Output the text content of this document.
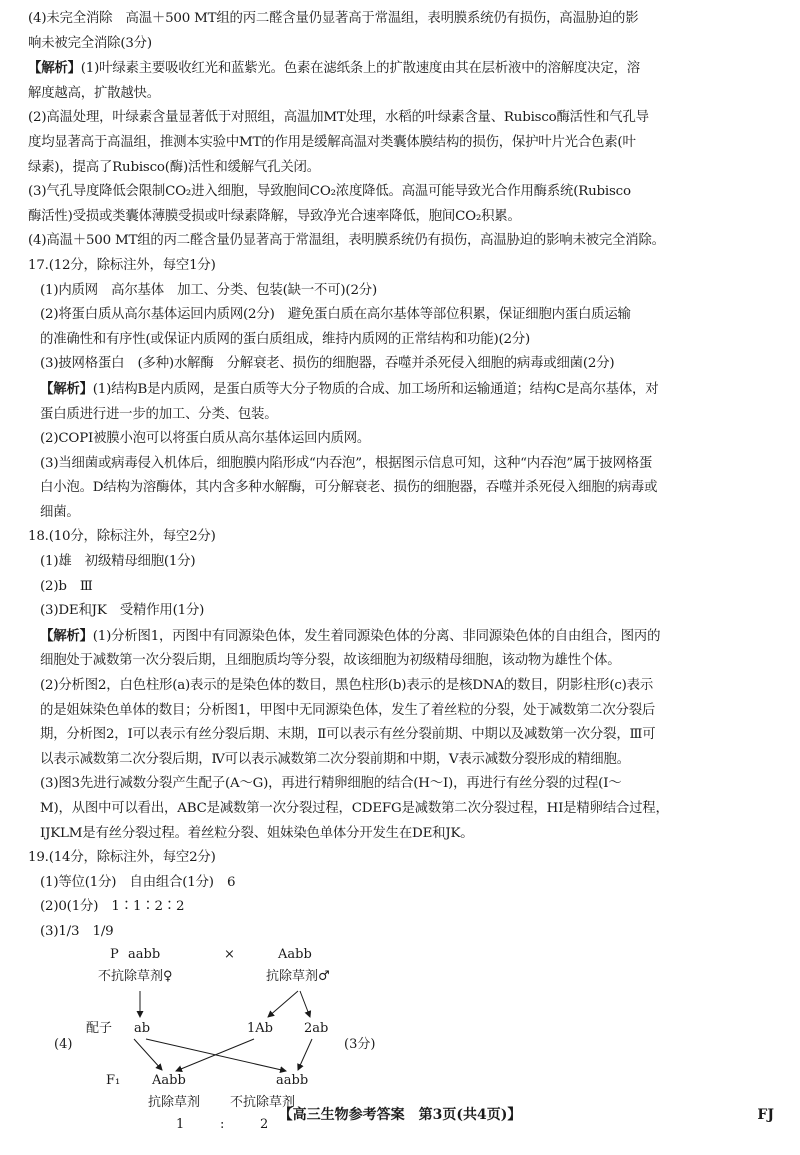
(4)未完全消除　高温＋500 MT组的丙二醛含量仍显著高于常温组，表明膜系统仍有损伤，高温胁迫的影

响未被完全消除(3分)

【解析】(1)叶绿素主要吸收红光和蓝紫光。色素在滤纸条上的扩散速度由其在层析液中的溶解度决定，溶

解度越高，扩散越快。

(2)高温处理，叶绿素含量显著低于对照组，高温加MT处理，水稻的叶绿素含量、Rubisco酶活性和气孔导

度均显著高于高温组，推测本实验中MT的作用是缓解高温对类囊体膜结构的损伤，保护叶片光合色素(叶

绿素)，提高了Rubisco(酶)活性和缓解气孔关闭。

(3)气孔导度降低会限制CO₂进入细胞，导致胞间CO₂浓度降低。高温可能导致光合作用酶系统(Rubisco

酶活性)受损或类囊体薄膜受损或叶绿素降解，导致净光合速率降低，胞间CO₂积累。

(4)高温＋500 MT组的丙二醛含量仍显著高于常温组，表明膜系统仍有损伤，高温胁迫的影响未被完全消除。

17.(12分，除标注外，每空1分)

(1)内质网　高尔基体　加工、分类、包装(缺一不可)(2分)

(2)将蛋白质从高尔基体运回内质网(2分)　避免蛋白质在高尔基体等部位积累，保证细胞内蛋白质运输

的准确性和有序性(或保证内质网的蛋白质组成，维持内质网的正常结构和功能)(2分)

(3)披网格蛋白　(多种)水解酶　分解衰老、损伤的细胞器，吞噬并杀死侵入细胞的病毒或细菌(2分)

【解析】(1)结构B是内质网，是蛋白质等大分子物质的合成、加工场所和运输通道；结构C是高尔基体，对

蛋白质进行进一步的加工、分类、包装。

(2)COPⅠ被膜小泡可以将蛋白质从高尔基体运回内质网。

(3)当细菌或病毒侵入机体后，细胞膜内陷形成“内吞泡”，根据图示信息可知，这种“内吞泡”属于披网格蛋

白小泡。D结构为溶酶体，其内含多种水解酶，可分解衰老、损伤的细胞器，吞噬并杀死侵入细胞的病毒或

细菌。

18.(10分，除标注外，每空2分)

(1)雄　初级精母细胞(1分)

(2)b　Ⅲ

(3)DE和JK　受精作用(1分)

【解析】(1)分析图1，丙图中有同源染色体，发生着同源染色体的分离、非同源染色体的自由组合，图丙的

细胞处于减数第一次分裂后期，且细胞质均等分裂，故该细胞为初级精母细胞，该动物为雄性个体。

(2)分析图2，白色柱形(a)表示的是染色体的数目，黑色柱形(b)表示的是核DNA的数目，阴影柱形(c)表示

的是姐妹染色单体的数目；分析图1，甲图中无同源染色体，发生了着丝粒的分裂，处于减数第二次分裂后

期，分析图2，Ⅰ可以表示有丝分裂后期、末期，Ⅱ可以表示有丝分裂前期、中期以及减数第一次分裂，Ⅲ可

以表示减数第二次分裂后期，Ⅳ可以表示减数第二次分裂前期和中期，Ⅴ表示减数分裂形成的精细胞。

(3)图3先进行减数分裂产生配子(A～G)，再进行精卵细胞的结合(H～I)，再进行有丝分裂的过程(I～

M)，从图中可以看出，ABC是减数第一次分裂过程，CDEFG是减数第二次分裂过程，HI是精卵结合过程，

IJKLM是有丝分裂过程。着丝粒分裂、姐妹染色单体分开发生在DE和JK。

19.(14分，除标注外，每空2分)

(1)等位(1分)　自由组合(1分)　6

(2)0(1分)　1∶1∶2∶2

(3)1/3　1/9

P aabb	×	Aabb
不抗除草剂♀	抗除草剂♂
配子 ab	1Ab 2ab
(4)	(3分)
F₁ Aabb	aabb
抗除草剂 不抗除草剂
1	:	2
【高三生物参考答案　第3页(共4页)】	FJ
